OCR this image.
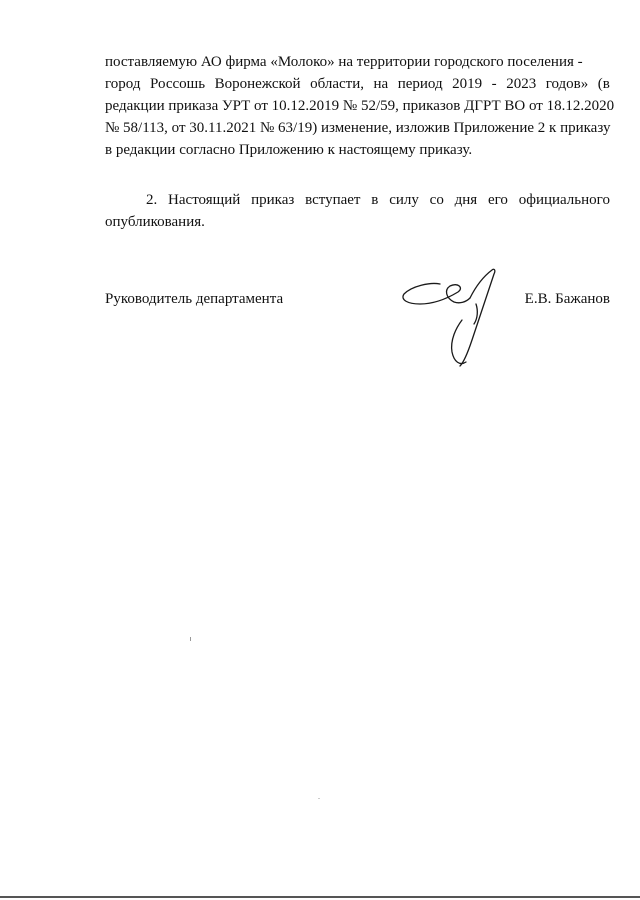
поставляемую АО фирма «Молоко» на территории городского поселения -
город Россошь Воронежской области, на период 2019 - 2023 годов» (в
редакции приказа УРТ от 10.12.2019 № 52/59, приказов ДГРТ ВО от 18.12.2020
№ 58/113, от 30.11.2021 № 63/19) изменение, изложив Приложение 2 к приказу
в редакции согласно Приложению к настоящему приказу.
2. Настоящий приказ вступает в силу со дня его официального
опубликования.
Руководитель департамента	Е.В. Бажанов
